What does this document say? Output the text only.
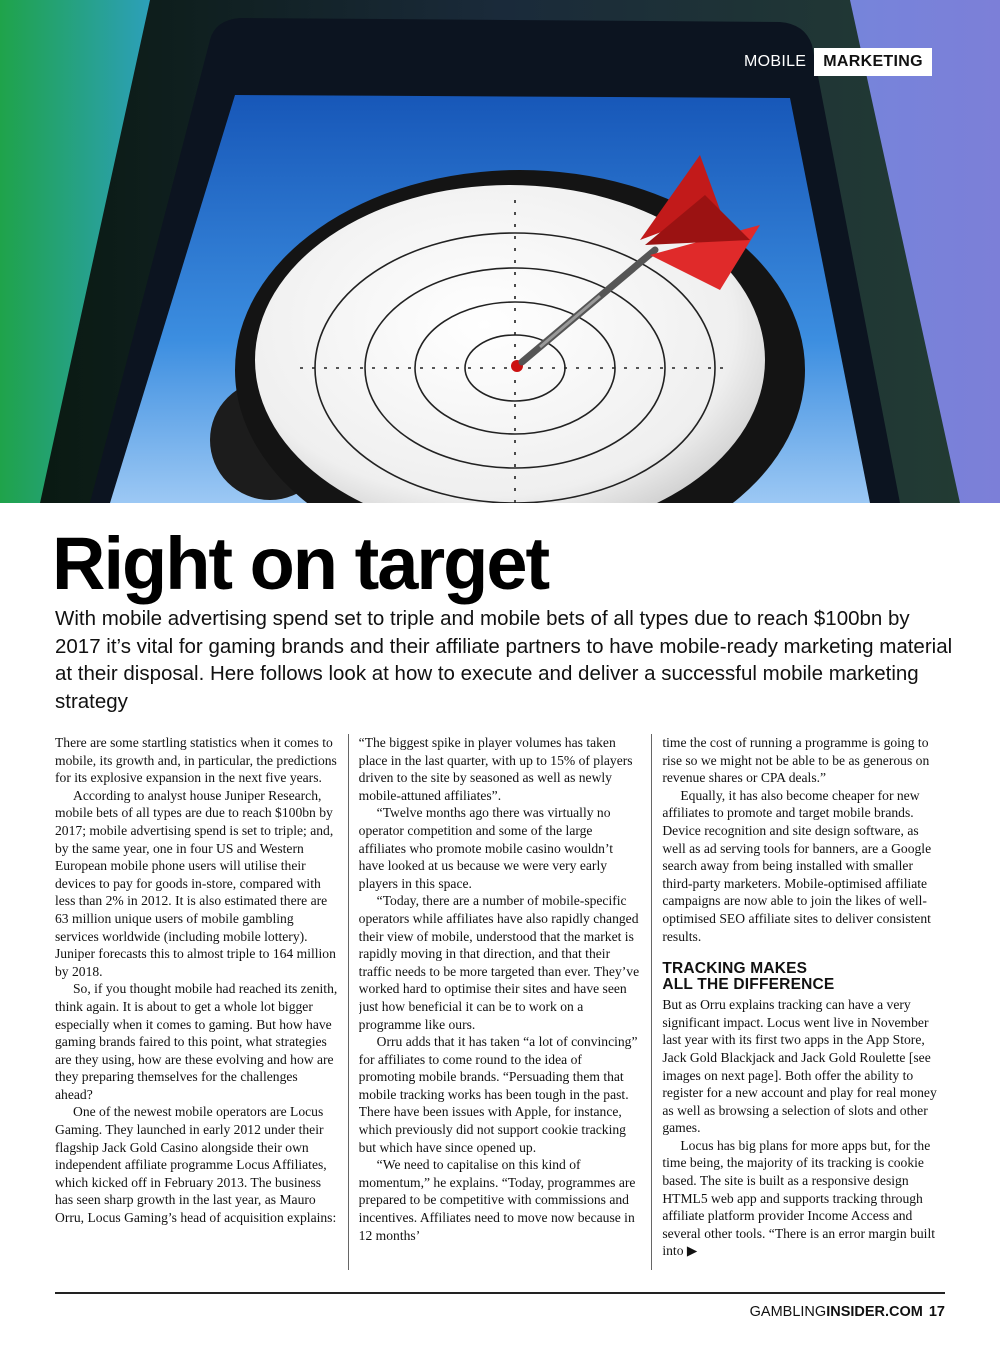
MOBILE	MARKETING
Right on target

With mobile advertising spend set to triple and mobile bets of all types due to reach $100bn by 2017 it’s vital for gaming brands and their affiliate partners to have mobile-ready marketing material at their disposal. Here follows look at how to execute and deliver a successful mobile marketing strategy

There are some startling statistics when it comes to mobile, its growth and, in particular, the predictions for its explosive expansion in the next five years.

According to analyst house Juniper Research, mobile bets of all types are due to reach $100bn by 2017; mobile advertising spend is set to triple; and, by the same year, one in four US and Western European mobile phone users will utilise their devices to pay for goods in-store, compared with less than 2% in 2012. It is also estimated there are 63 million unique users of mobile gambling services worldwide (including mobile lottery). Juniper forecasts this to almost triple to 164 million by 2018.

So, if you thought mobile had reached its zenith, think again. It is about to get a whole lot bigger especially when it comes to gaming. But how have gaming brands faired to this point, what strategies are they using, how are these evolving and how are they preparing themselves for the challenges ahead?

One of the newest mobile operators are Locus Gaming. They launched in early 2012 under their flagship Jack Gold Casino alongside their own independent affiliate programme Locus Affiliates, which kicked off in February 2013. The business has seen sharp growth in the last year, as Mauro Orru, Locus Gaming’s head of acquisition explains:

“The biggest spike in player volumes has taken place in the last quarter, with up to 15% of players driven to the site by seasoned as well as newly mobile-attuned affiliates”.

“Twelve months ago there was virtually no operator competition and some of the large affiliates who promote mobile casino wouldn’t have looked at us because we were very early players in this space.

“Today, there are a number of mobile-specific operators while affiliates have also rapidly changed their view of mobile, understood that the market is rapidly moving in that direction, and that their traffic needs to be more targeted than ever. They’ve worked hard to optimise their sites and have seen just how beneficial it can be to work on a programme like ours.

Orru adds that it has taken “a lot of convincing” for affiliates to come round to the idea of promoting mobile brands. “Persuading them that mobile tracking works has been tough in the past. There have been issues with Apple, for instance, which previously did not support cookie tracking but which have since opened up.

“We need to capitalise on this kind of momentum,” he explains. “Today, programmes are prepared to be competitive with commissions and incentives. Affiliates need to move now because in 12 months’

time the cost of running a programme is going to rise so we might not be able to be as generous on revenue shares or CPA deals.”

Equally, it has also become cheaper for new affiliates to promote and target mobile brands. Device recognition and site design software, as well as ad serving tools for banners, are a Google search away from being installed with smaller third-party marketers. Mobile-optimised affiliate campaigns are now able to join the likes of well-optimised SEO affiliate sites to deliver consistent results.

TRACKING MAKES
ALL THE DIFFERENCE

But as Orru explains tracking can have a very significant impact. Locus went live in November last year with its first two apps in the App Store, Jack Gold Blackjack and Jack Gold Roulette [see images on next page]. Both offer the ability to register for a new account and play for real money as well as browsing a selection of slots and other games.

Locus has big plans for more apps but, for the time being, the majority of its tracking is cookie based. The site is built as a responsive design HTML5 web app and supports tracking through affiliate platform provider Income Access and several other tools. “There is an error margin built into ▶

GAMBLINGINSIDER.COM 17
